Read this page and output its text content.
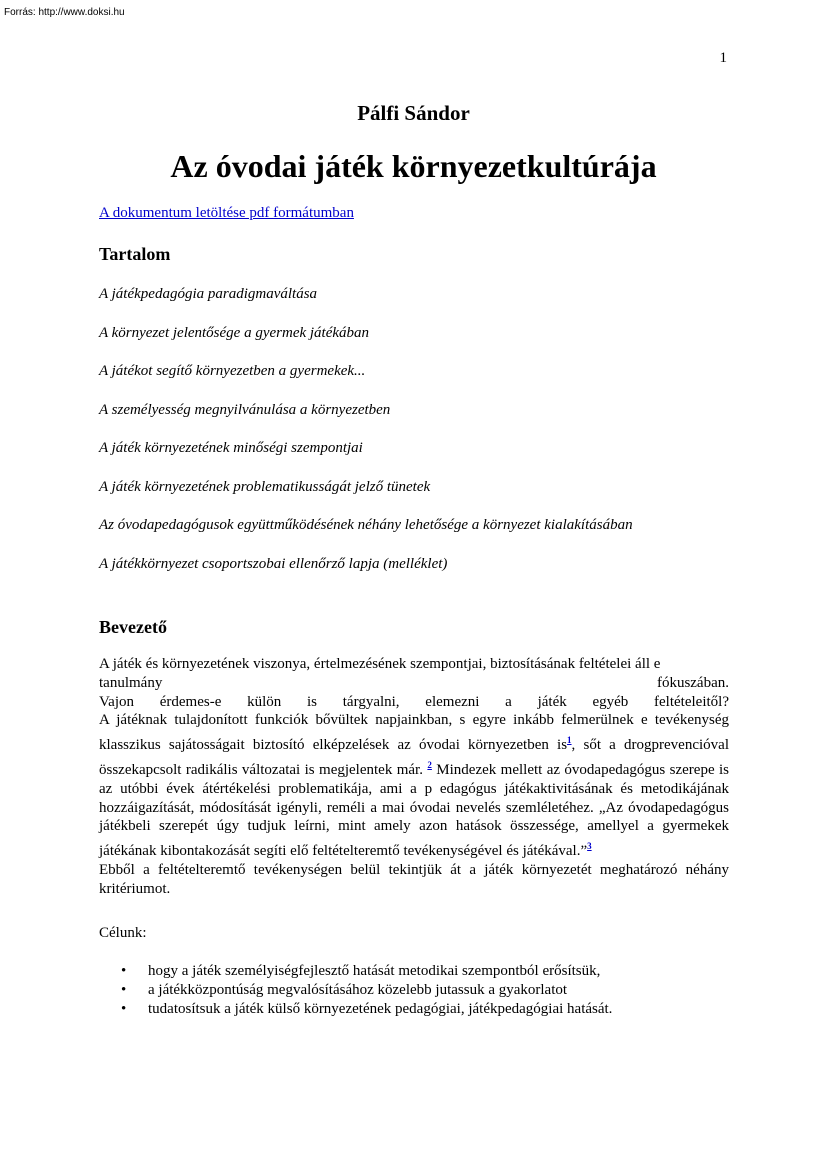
Forrás: http://www.doksi.hu
1
Pálfi Sándor
Az óvodai játék környezetkultúrája
A dokumentum letöltése pdf formátumban
Tartalom
A játékpedagógia paradigmaváltása
A környezet jelentősége a gyermek játékában
A játékot segítő környezetben a gyermekek...
A személyesség megnyilvánulása a környezetben
A játék környezetének minőségi szempontjai
A játék környezetének problematikusságát jelző tünetek
Az óvodapedagógusok együttműködésének néhány lehetősége a környezet kialakításában
A játékkörnyezet csoportszobai ellenőrző lapja (melléklet)
Bevezető
A játék és környezetének viszonya, értelmezésének szempontjai, biztosításának feltételei áll e
tanulmány fókuszában.
Vajon érdemes-e külön is tárgyalni, elemezni a játék egyéb feltételeitől?
A játéknak tulajdonított funkciók bővültek napjainkban, s egyre inkább felmerülnek e tevékenység klasszikus sajátosságait biztosító elképzelések az óvodai környezetben $is^1$, sőt a drogprevencióval összekapcsolt radikális változatai is megjelentek már. $^2$ Mindezek mellett az óvodapedagógus szerepe is az utóbbi évek átértékelési problematikája, ami a p edagógus játékaktivitásának és metodikájának hozzáigazítását, módosítását igényli, reméli a mai óvodai nevelés szemléletéhez. „Az óvodapedagógus játékbeli szerepét úgy tudjuk leírni, mint amely azon hatások összessége, amellyel a gyermekek játékának kibontakozását segíti elő feltételteremtő tevékenységével és játékával.”$^3$
Ebből a feltételteremtő tevékenységen belül tekintjük át a játék környezetét meghatározó néhány kritériumot.
Célunk:
• hogy a játék személyiségfejlesztő hatását metodikai szempontból erősítsük,
• a játékközpontúság megvalósításához közelebb jutassuk a gyakorlatot
• tudatosítsuk a játék külső környezetének pedagógiai, játékpedagógiai hatását.
